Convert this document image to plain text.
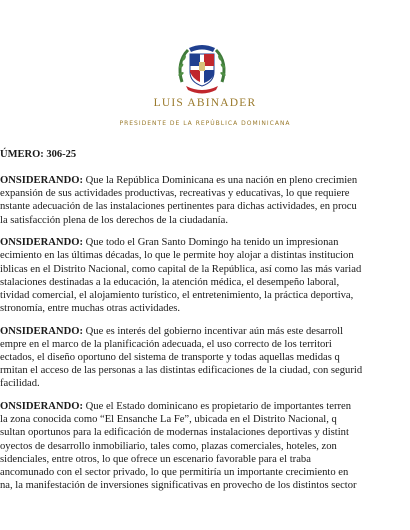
LUIS ABINADER
PRESIDENTE DE LA REPÚBLICA DOMINICANA
ÚMERO: 306-25
ONSIDERANDO: Que la República Dominicana es una nación en pleno crecimien
expansión de sus actividades productivas, recreativas y educativas, lo que requiere
nstante adecuación de las instalaciones pertinentes para dichas actividades, en procu
la satisfacción plena de los derechos de la ciudadanía.
ONSIDERANDO: Que todo el Gran Santo Domingo ha tenido un impresionan
ecimiento en las últimas décadas, lo que le permite hoy alojar a distintas institucion
iblicas en el Distrito Nacional, como capital de la República, así como las más variad
stalaciones destinadas a la educación, la atención médica, el desempeño laboral,
tividad comercial, el alojamiento turístico, el entretenimiento, la práctica deportiva,
stronomía, entre muchas otras actividades.
ONSIDERANDO: Que es interés del gobierno incentivar aún más este desarroll
empre en el marco de la planificación adecuada, el uso correcto de los territori
ectados, el diseño oportuno del sistema de transporte y todas aquellas medidas q
rmitan el acceso de las personas a las distintas edificaciones de la ciudad, con segurid
facilidad.
ONSIDERANDO: Que el Estado dominicano es propietario de importantes terren
la zona conocida como “El Ensanche La Fe”, ubicada en el Distrito Nacional, q
sultan oportunos para la edificación de modernas instalaciones deportivas y distint
oyectos de desarrollo inmobiliario, tales como, plazas comerciales, hoteles, zon
sidenciales, entre otros, lo que ofrece un escenario favorable para el traba
ancomunado con el sector privado, lo que permitiría un importante crecimiento en
na, la manifestación de inversiones significativas en provecho de los distintos sector
